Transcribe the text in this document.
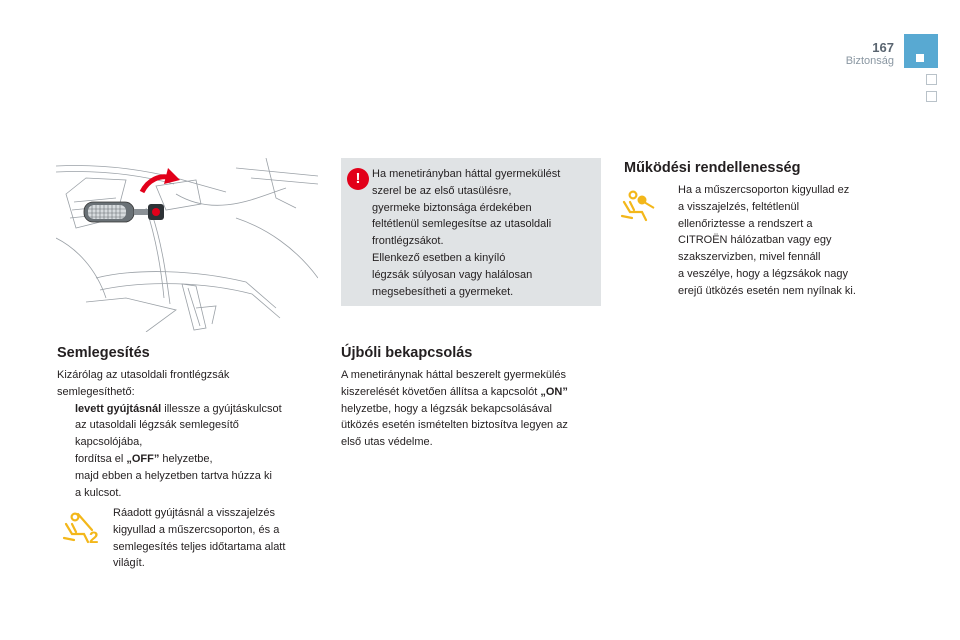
167
Biztonság
!	Ha menetirányban háttal gyermekülést
szerel be az első utasülésre,
gyermeke biztonsága érdekében
feltétlenül semlegesítse az utasoldali
frontlégzsákot.
Ellenkező esetben a kinyíló
légzsák súlyosan vagy halálosan
megsebesítheti a gyermeket.
Semlegesítés
Kizárólag az utasoldali frontlégzsák
semlegesíthető:
levett gyújtásnál illessze a gyújtáskulcsot
az utasoldali légzsák semlegesítő
kapcsolójába,
fordítsa el „OFF” helyzetbe,
majd ebben a helyzetben tartva húzza ki
a kulcsot.
2
Ráadott gyújtásnál a visszajelzés
kigyullad a műszercsoporton, és a
semlegesítés teljes időtartama alatt
világít.
Újbóli bekapcsolás
A menetiránynak háttal beszerelt gyermekülés
kiszerelését követően állítsa a kapcsolót „ON”
helyzetbe, hogy a légzsák bekapcsolásával
ütközés esetén ismételten biztosítva legyen az
első utas védelme.
Működési rendellenesség
Ha a műszercsoporton kigyullad ez
a visszajelzés, feltétlenül
ellenőriztesse a rendszert a
CITROËN hálózatban vagy egy
szakszervizben, mivel fennáll
a veszélye, hogy a légzsákok nagy
erejű ütközés esetén nem nyílnak ki.
